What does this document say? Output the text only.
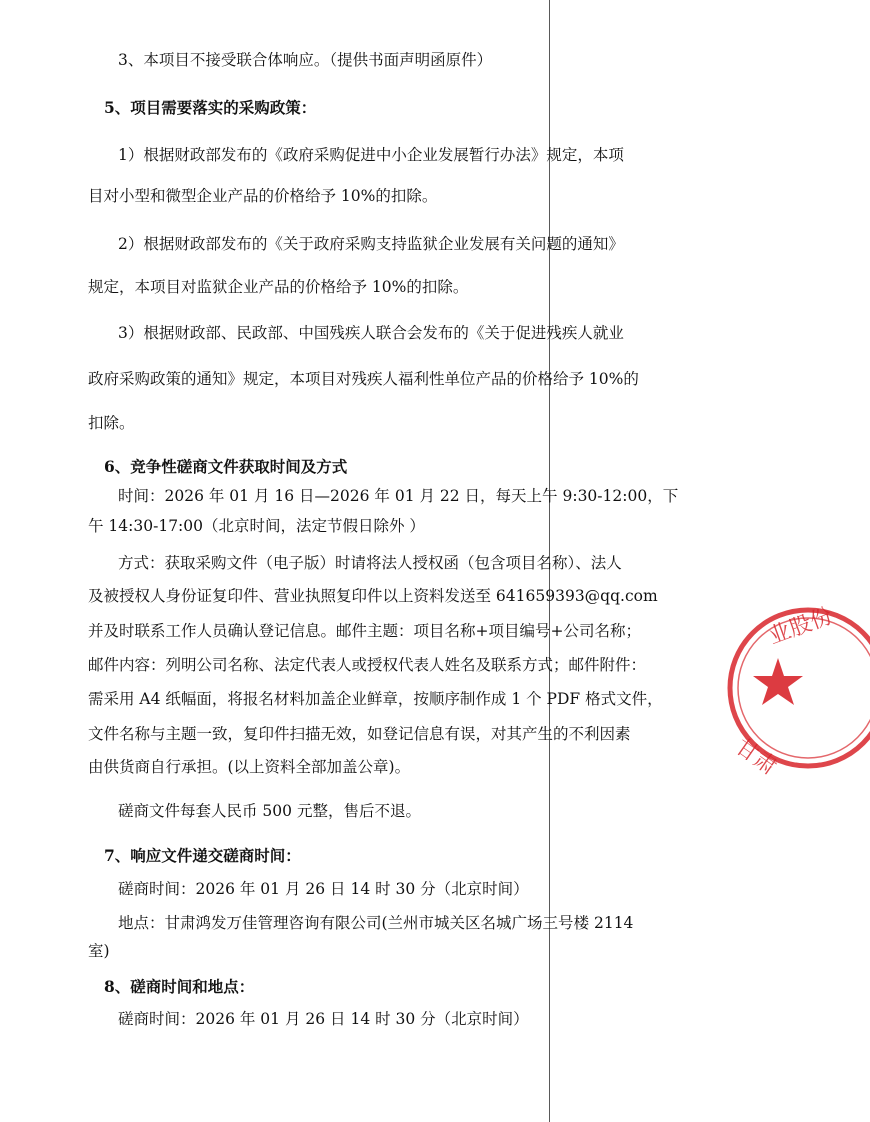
3、本项目不接受联合体响应。（提供书面声明函原件）
5、项目需要落实的采购政策：
1）根据财政部发布的《政府采购促进中小企业发展暂行办法》规定，本项
目对小型和微型企业产品的价格给予 10%的扣除。
2）根据财政部发布的《关于政府采购支持监狱企业发展有关问题的通知》
规定，本项目对监狱企业产品的价格给予 10%的扣除。
3）根据财政部、民政部、中国残疾人联合会发布的《关于促进残疾人就业
政府采购政策的通知》规定，本项目对残疾人福利性单位产品的价格给予 10%的
扣除。
6、竞争性磋商文件获取时间及方式
时间：2026 年 01 月 16 日—2026 年 01 月 22 日，每天上午 9:30-12:00，下
午 14:30-17:00（北京时间，法定节假日除外 ）
方式：获取采购文件（电子版）时请将法人授权函（包含项目名称）、法人
及被授权人身份证复印件、营业执照复印件以上资料发送至 641659393@qq.com
并及时联系工作人员确认登记信息。邮件主题：项目名称+项目编号+公司名称；
邮件内容：列明公司名称、法定代表人或授权代表人姓名及联系方式；邮件附件：
需采用 A4 纸幅面，将报名材料加盖企业鲜章，按顺序制作成 1 个 PDF 格式文件，
文件名称与主题一致，复印件扫描无效，如登记信息有误，对其产生的不利因素
由供货商自行承担。(以上资料全部加盖公章)。
磋商文件每套人民币 500 元整，售后不退。
7、响应文件递交磋商时间：
磋商时间：2026 年 01 月 26 日 14 时 30 分（北京时间）
地点：甘肃鸿发万佳管理咨询有限公司(兰州市城关区名城广场三号楼 2114
室)
8、磋商时间和地点：
磋商时间：2026 年 01 月 26 日 14 时 30 分（北京时间）
业股份
甘肃
